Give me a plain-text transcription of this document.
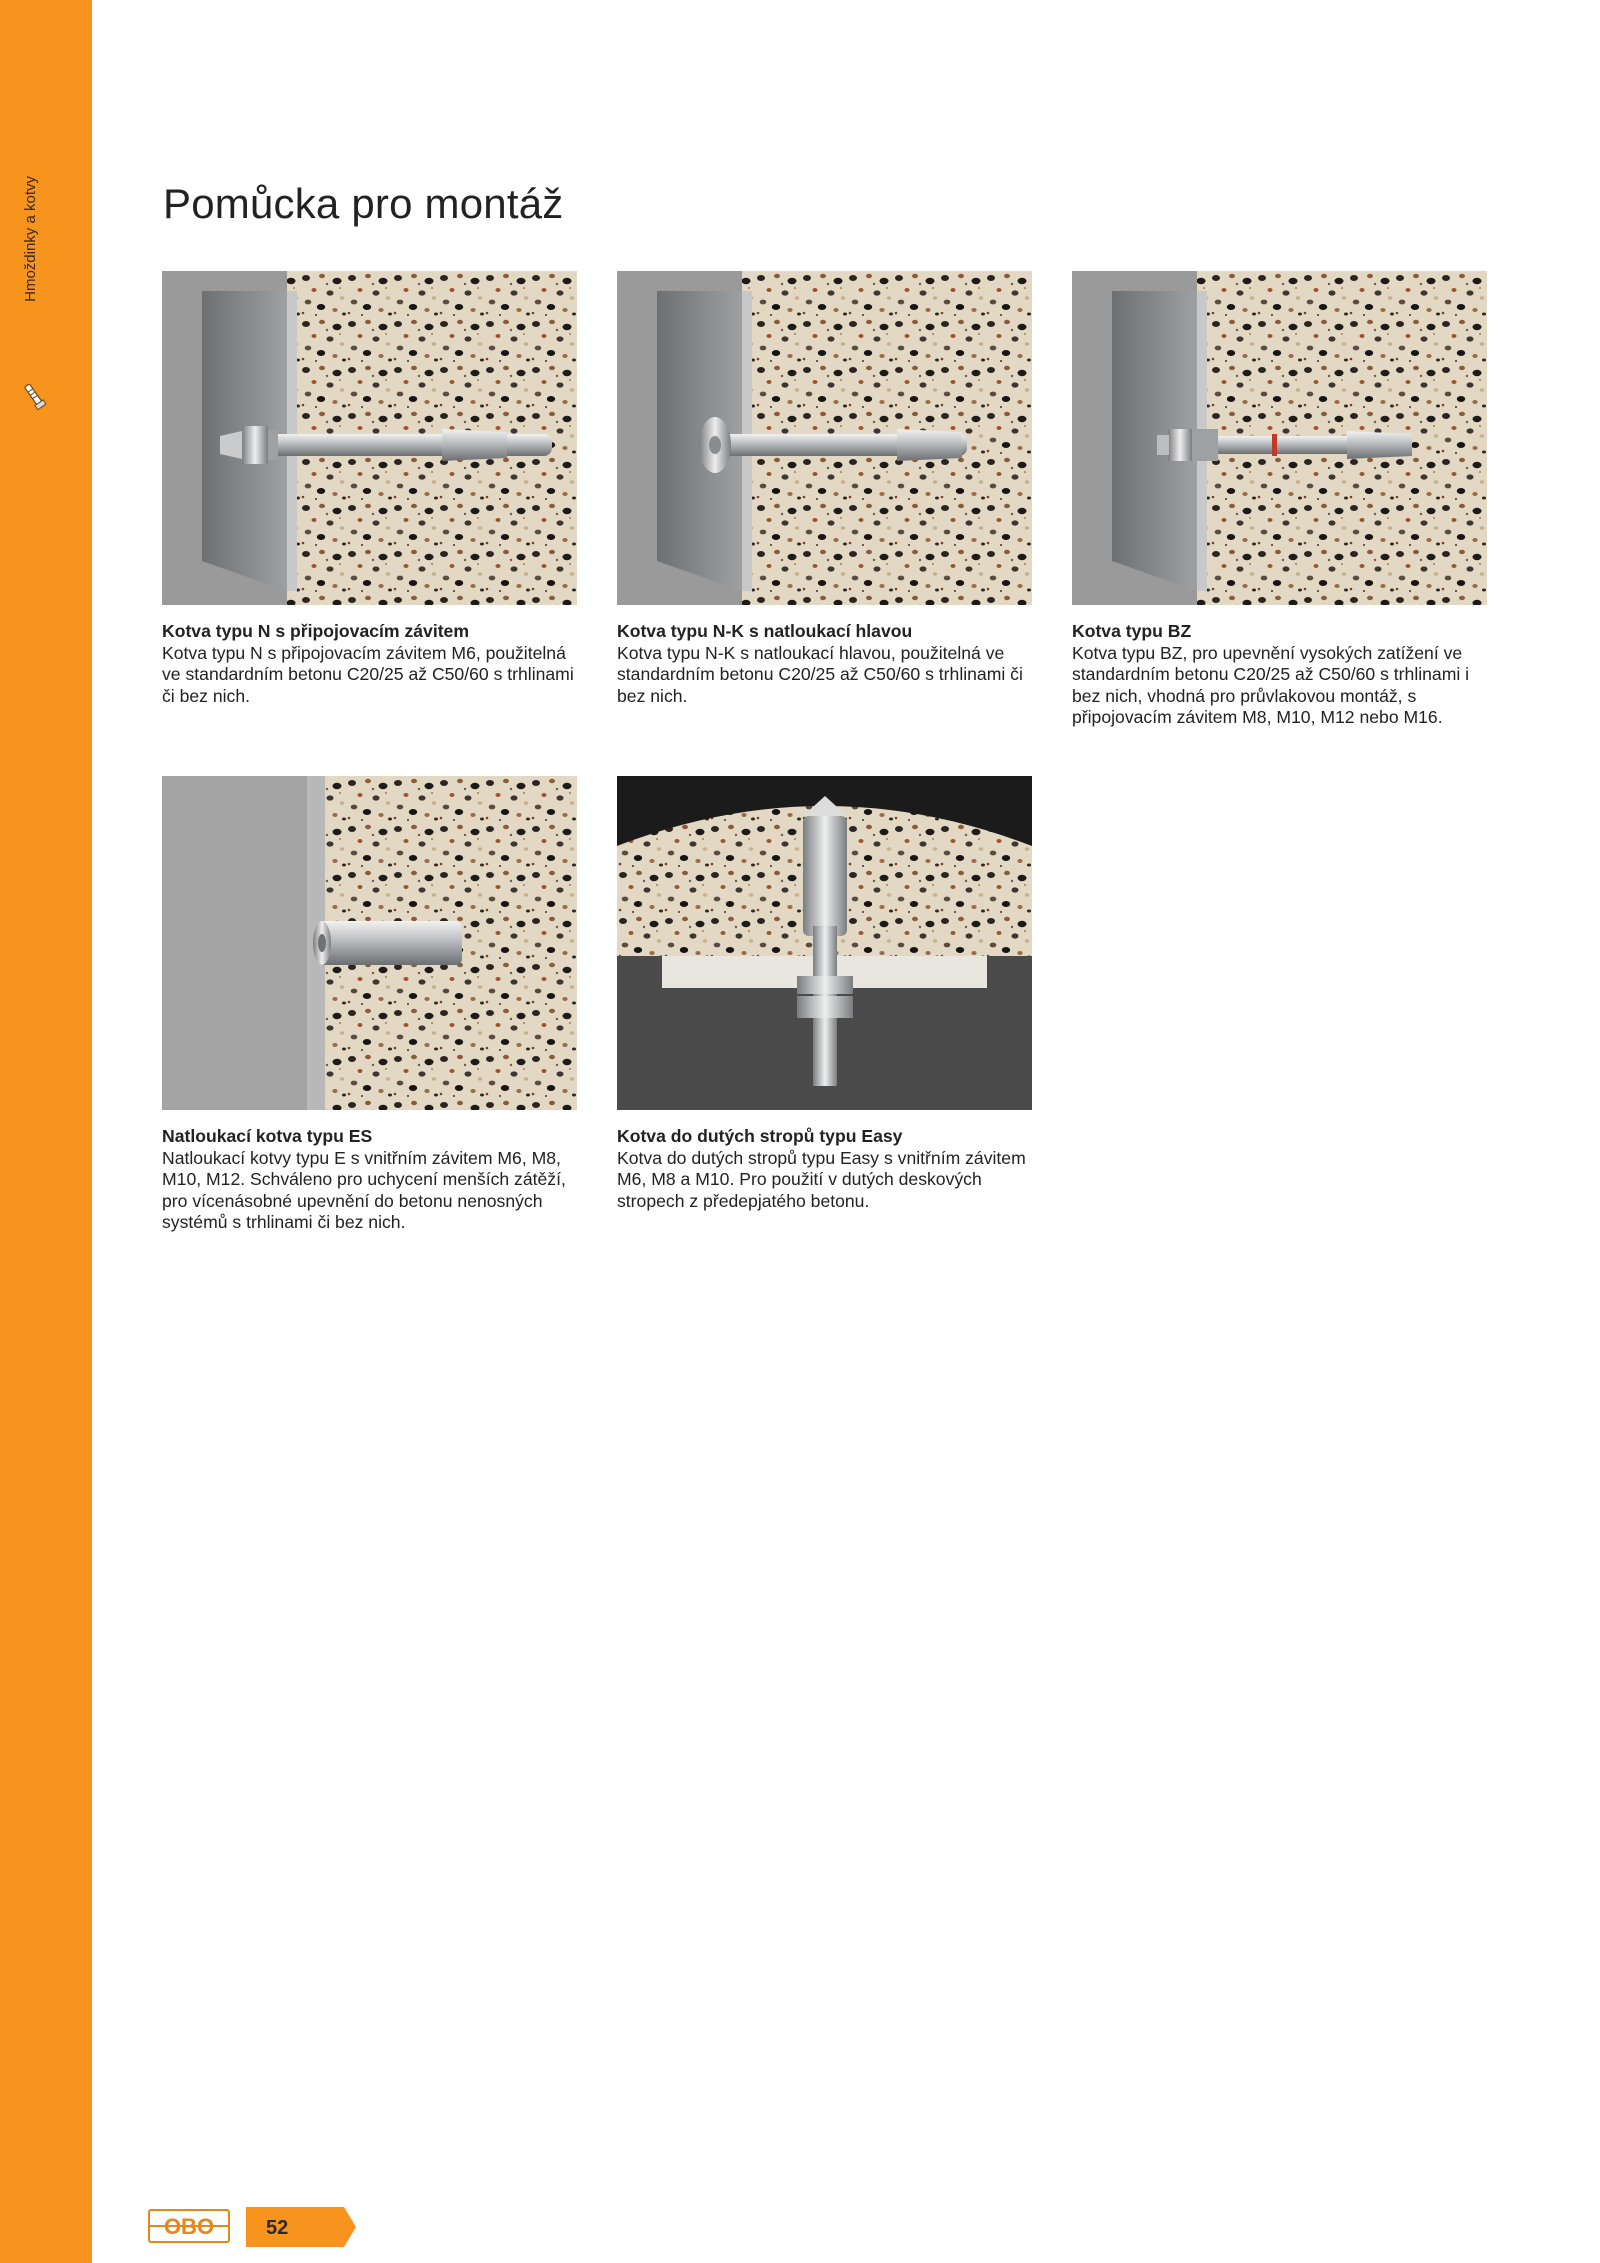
Hmoždinky a kotvy	Pomůcka pro montáž
Kotva typu N s připojovacím závitem
Kotva typu N s připojovacím závitem M6, použitelná ve standardním betonu C20/25 až C50/60 s trhlinami či bez nich.
Kotva typu N-K s natloukací hlavou
Kotva typu N-K s natloukací hlavou, použitelná ve standardním betonu C20/25 až C50/60 s trhlinami či bez nich.
Kotva typu BZ
Kotva typu BZ, pro upevnění vysokých zatížení ve standardním betonu C20/25 až C50/60 s trhlinami i bez nich, vhodná pro průvlakovou montáž, s připojovacím závitem M8, M10, M12 nebo M16.
Natloukací kotva typu ES
Natloukací kotvy typu E s vnitřním závitem M6, M8, M10, M12. Schváleno pro uchycení menších zátěží, pro vícenásobné upevnění do betonu nenosných systémů s trhlinami či bez nich.
Kotva do dutých stropů typu Easy
Kotva do dutých stropů typu Easy s vnitřním závitem M6, M8 a M10. Pro použití v dutých deskových stropech z předepjatého betonu.
OBO	52
